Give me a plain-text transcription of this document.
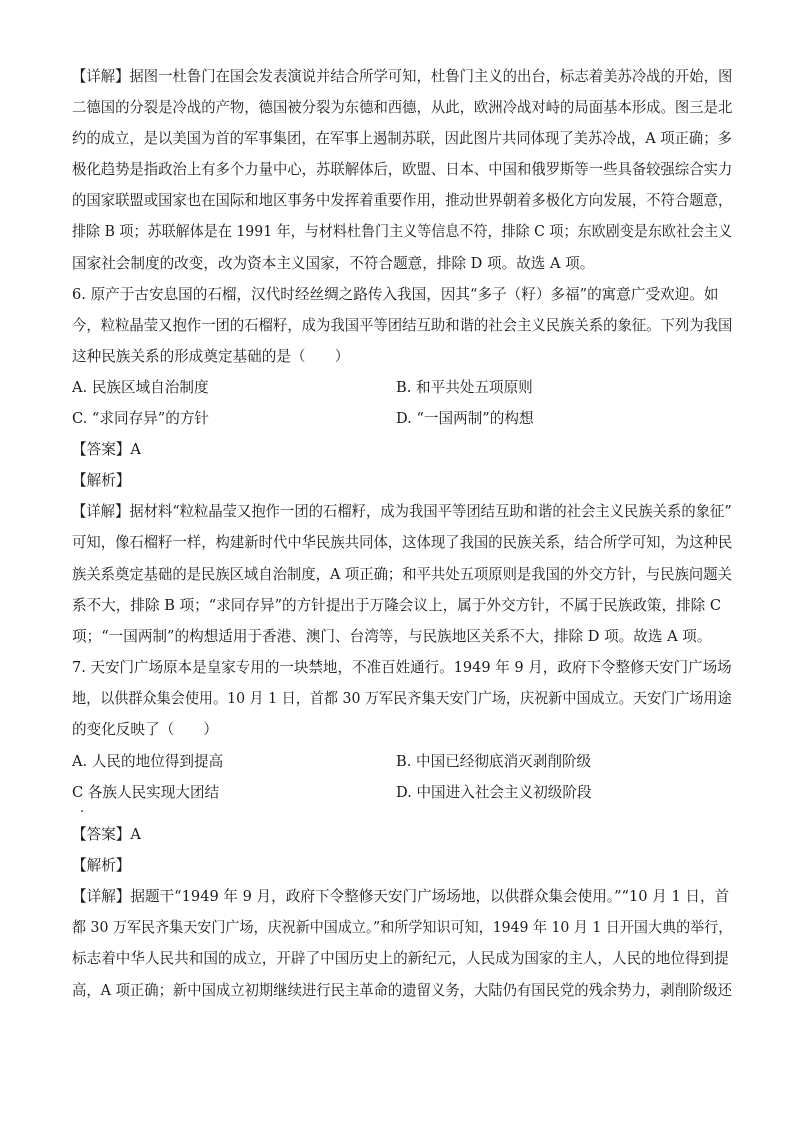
【详解】据图一杜鲁门在国会发表演说并结合所学可知，杜鲁门主义的出台，标志着美苏冷战的开始，图
二德国的分裂是冷战的产物，德国被分裂为东德和西德，从此，欧洲冷战对峙的局面基本形成。图三是北
约的成立，是以美国为首的军事集团，在军事上遏制苏联，因此图片共同体现了美苏冷战，A 项正确；多
极化趋势是指政治上有多个力量中心，苏联解体后，欧盟、日本、中国和俄罗斯等一些具备较强综合实力
的国家联盟或国家也在国际和地区事务中发挥着重要作用，推动世界朝着多极化方向发展，不符合题意，
排除 B 项；苏联解体是在 1991 年，与材料杜鲁门主义等信息不符，排除 C 项；东欧剧变是东欧社会主义
国家社会制度的改变，改为资本主义国家，不符合题意，排除 D 项。故选 A 项。
6. 原产于古安息国的石榴，汉代时经丝绸之路传入我国，因其“多子（籽）多福”的寓意广受欢迎。如
今，粒粒晶莹又抱作一团的石榴籽，成为我国平等团结互助和谐的社会主义民族关系的象征。下列为我国
这种民族关系的形成奠定基础的是（　　）
A. 民族区域自治制度	B. 和平共处五项原则
C. “求同存异”的方针	D. “一国两制”的构想
【答案】A
【解析】
【详解】据材料“粒粒晶莹又抱作一团的石榴籽，成为我国平等团结互助和谐的社会主义民族关系的象征”
可知，像石榴籽一样，构建新时代中华民族共同体，这体现了我国的民族关系，结合所学可知，为这种民
族关系奠定基础的是民族区域自治制度，A 项正确；和平共处五项原则是我国的外交方针，与民族问题关
系不大，排除 B 项；“求同存异”的方针提出于万隆会议上，属于外交方针，不属于民族政策，排除 C
项；“一国两制”的构想适用于香港、澳门、台湾等，与民族地区关系不大，排除 D 项。故选 A 项。
7. 天安门广场原本是皇家专用的一块禁地，不准百姓通行。1949 年 9 月，政府下令整修天安门广场场
地，以供群众集会使用。10 月 1 日，首都 30 万军民齐集天安门广场，庆祝新中国成立。天安门广场用途
的变化反映了（　　）
A. 人民的地位得到提高	B. 中国已经彻底消灭剥削阶级
C 各族人民实现大团结	D. 中国进入社会主义初级阶段
【答案】A
【解析】
【详解】据题干“1949 年 9 月，政府下令整修天安门广场场地，以供群众集会使用。”“10 月 1 日，首
都 30 万军民齐集天安门广场，庆祝新中国成立。”和所学知识可知，1949 年 10 月 1 日开国大典的举行，
标志着中华人民共和国的成立，开辟了中国历史上的新纪元，人民成为国家的主人，人民的地位得到提
高，A 项正确；新中国成立初期继续进行民主革命的遗留义务，大陆仍有国民党的残余势力，剥削阶级还
